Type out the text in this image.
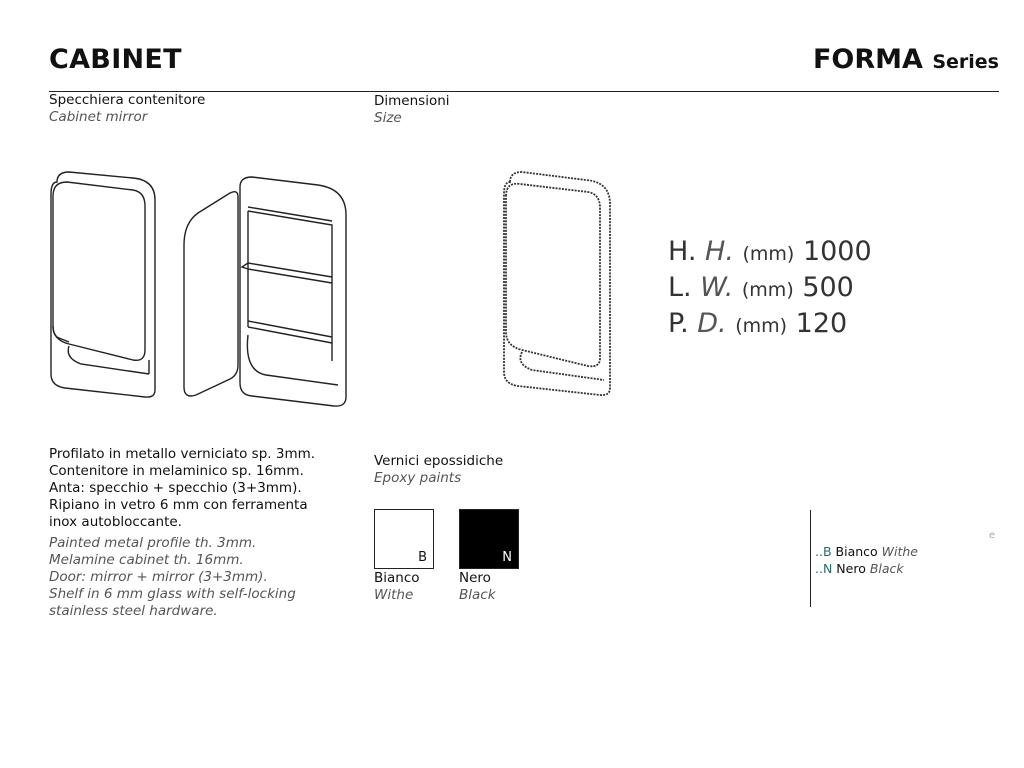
CABINET	FORMA Series
Specchiera contenitore
Cabinet mirror
Dimensioni
Size
H. H. (mm) 1000
L. W. (mm) 500
P. D. (mm) 120
Profilato in metallo verniciato sp. 3mm.
Contenitore in melaminico sp. 16mm.
Anta: specchio + specchio (3+3mm).
Ripiano in vetro 6 mm con ferramenta
inox autobloccante.
Painted metal profile th. 3mm.
Melamine cabinet th. 16mm.
Door: mirror + mirror (3+3mm).
Shelf in 6 mm glass with self-locking
stainless steel hardware.
Vernici epossidiche
Epoxy paints
B
Bianco
Withe
N
Nero
Black
e
..B Bianco Withe
..N Nero Black
